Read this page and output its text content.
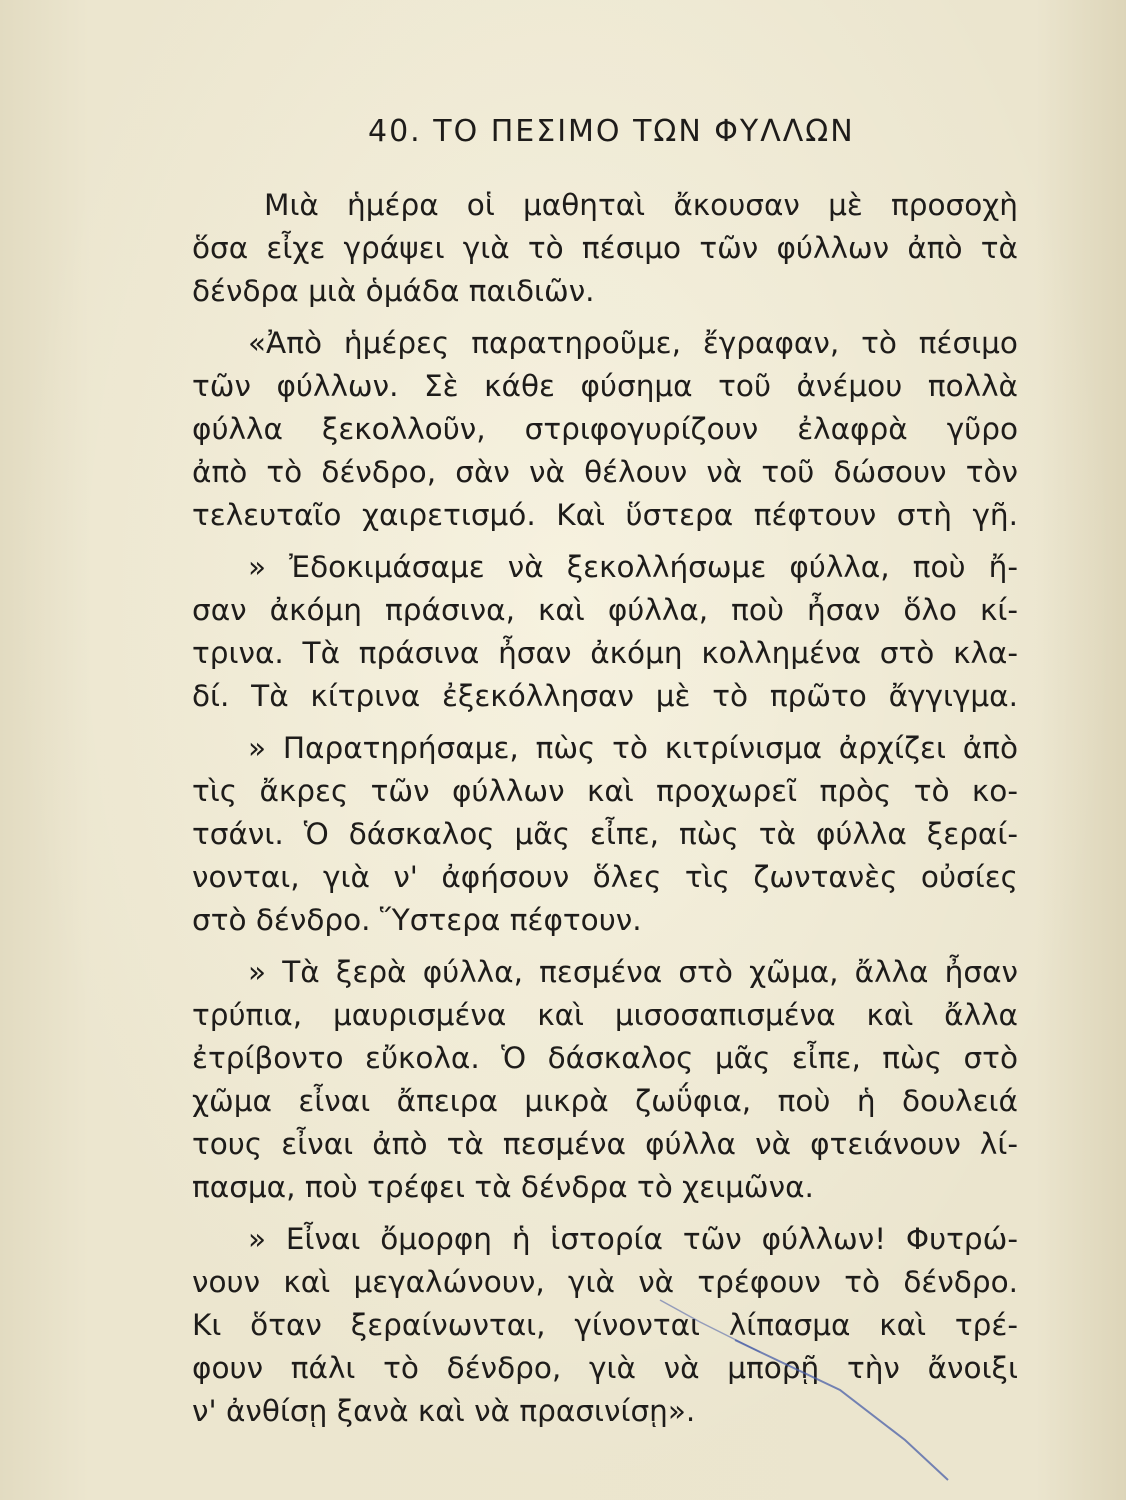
40. ΤΟ ΠΕΣΙΜΟ ΤΩΝ ΦΥΛΛΩΝ

Μιὰ ἡμέρα οἱ μαθηταὶ ἄκουσαν μὲ προσοχὴ
ὅσα εἶχε γράψει γιὰ τὸ πέσιμο τῶν φύλλων ἀπὸ τὰ
δένδρα μιὰ ὁμάδα παιδιῶν.

«Ἀπὸ ἡμέρες παρατηροῦμε, ἔγραφαν, τὸ πέσιμο
τῶν φύλλων. Σὲ κάθε φύσημα τοῦ ἀνέμου πολλὰ
φύλλα ξεκολλοῦν, στριφογυρίζουν ἐλαφρὰ γῦρο
ἀπὸ τὸ δένδρο, σὰν νὰ θέλουν νὰ τοῦ δώσουν τὸν
τελευταῖο χαιρετισμό. Καὶ ὕστερα πέφτουν στὴ γῆ.

» Ἐδοκιμάσαμε νὰ ξεκολλήσωμε φύλλα, ποὺ ἤ-
σαν ἀκόμη πράσινα, καὶ φύλλα, ποὺ ἦσαν ὅλο κί-
τρινα. Τὰ πράσινα ἦσαν ἀκόμη κολλημένα στὸ κλα-
δί. Τὰ κίτρινα ἐξεκόλλησαν μὲ τὸ πρῶτο ἄγγιγμα.

» Παρατηρήσαμε, πὼς τὸ κιτρίνισμα ἀρχίζει ἀπὸ
τὶς ἄκρες τῶν φύλλων καὶ προχωρεῖ πρὸς τὸ κο-
τσάνι. Ὁ δάσκαλος μᾶς εἶπε, πὼς τὰ φύλλα ξεραί-
νονται, γιὰ ν' ἀφήσουν ὅλες τὶς ζωντανὲς οὐσίες
στὸ δένδρο. Ὕστερα πέφτουν.

» Τὰ ξερὰ φύλλα, πεσμένα στὸ χῶμα, ἄλλα ἦσαν
τρύπια, μαυρισμένα καὶ μισοσαπισμένα καὶ ἄλλα
ἐτρίβοντο εὔκολα. Ὁ δάσκαλος μᾶς εἶπε, πὼς στὸ
χῶμα εἶναι ἄπειρα μικρὰ ζωΰφια, ποὺ ἡ δουλειά
τους εἶναι ἀπὸ τὰ πεσμένα φύλλα νὰ φτειάνουν λί-
πασμα, ποὺ τρέφει τὰ δένδρα τὸ χειμῶνα.

» Εἶναι ὄμορφη ἡ ἱστορία τῶν φύλλων! Φυτρώ-
νουν καὶ μεγαλώνουν, γιὰ νὰ τρέφουν τὸ δένδρο.
Κι ὅταν ξεραίνωνται, γίνονται λίπασμα καὶ τρέ-
φουν πάλι τὸ δένδρο, γιὰ νὰ μπορῇ τὴν ἄνοιξι
ν' ἀνθίσῃ ξανὰ καὶ νὰ πρασινίσῃ».
